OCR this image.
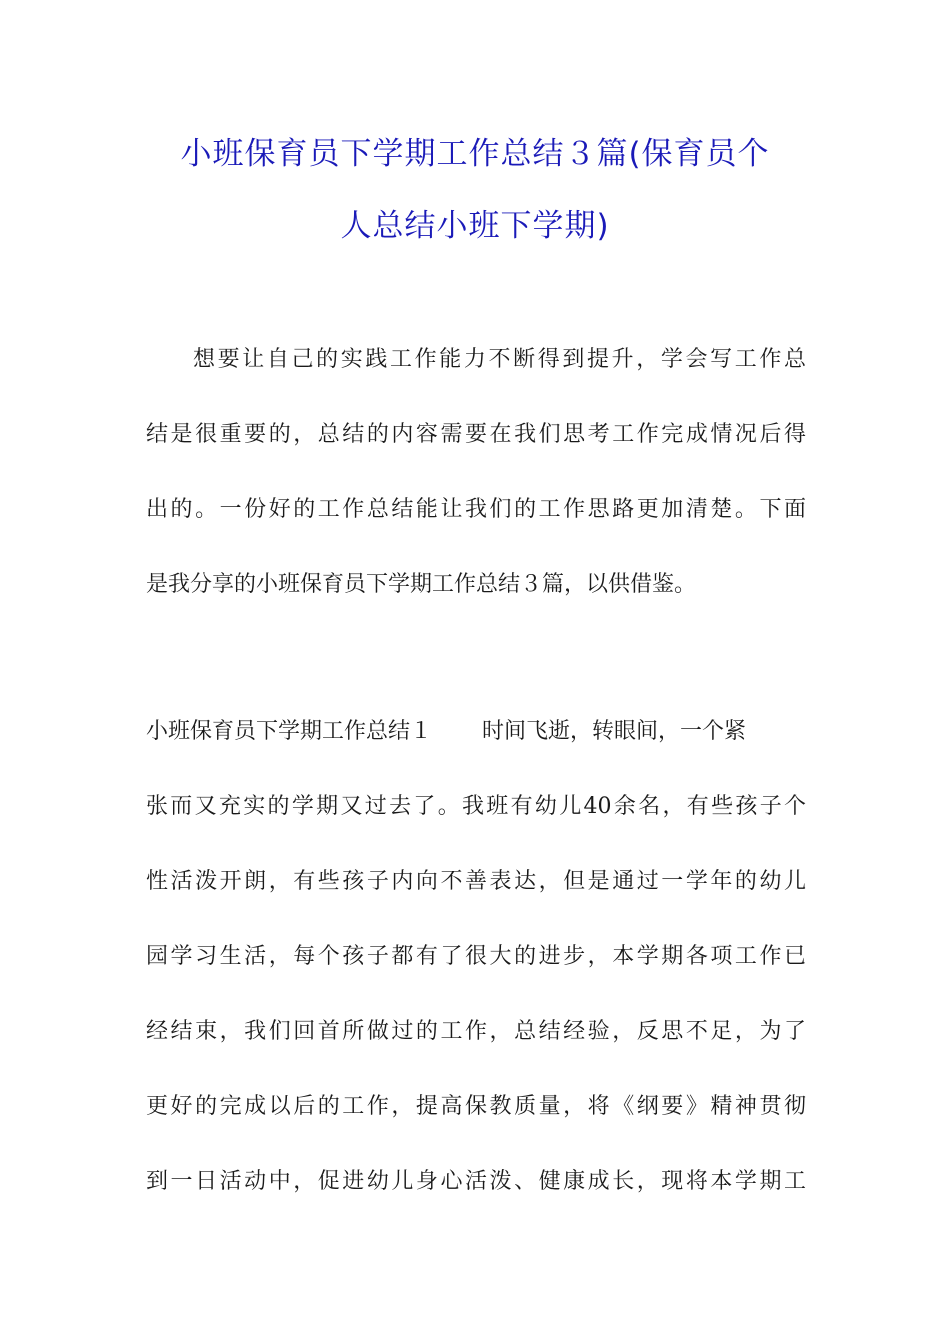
小班保育员下学期工作总结３篇(保育员个
人总结小班下学期)
想要让自己的实践工作能力不断得到提升，学会写工作总
结是很重要的，总结的内容需要在我们思考工作完成情况后得
出的。一份好的工作总结能让我们的工作思路更加清楚。下面
是我分享的小班保育员下学期工作总结３篇，以供借鉴。
小班保育员下学期工作总结１ 时间飞逝，转眼间，一个紧
张而又充实的学期又过去了。我班有幼儿40余名，有些孩子个
性活泼开朗，有些孩子内向不善表达，但是通过一学年的幼儿
园学习生活，每个孩子都有了很大的进步，本学期各项工作已
经结束，我们回首所做过的工作，总结经验，反思不足，为了
更好的完成以后的工作，提高保教质量，将《纲要》精神贯彻
到一日活动中，促进幼儿身心活泼、健康成长，现将本学期工
